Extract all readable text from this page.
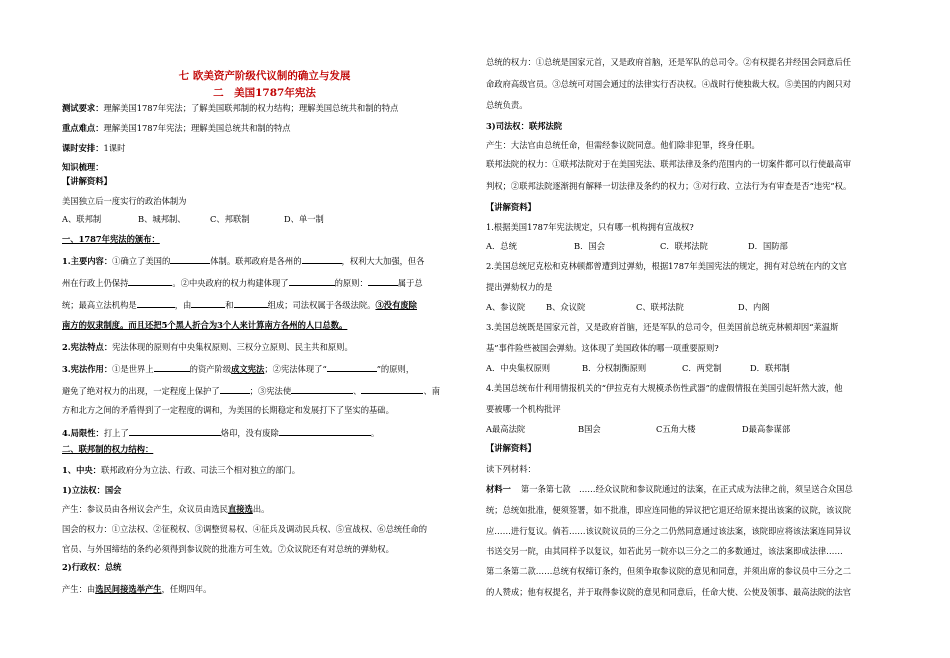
七 欧美资产阶级代议制的确立与发展
二　美国1787年宪法
测试要求：理解美国1787年宪法；了解美国联邦制的权力结构；理解美国总统共和制的特点
重点难点：理解美国1787年宪法；理解美国总统共和制的特点
课时安排：1课时
知识梳理：
【讲解资料】
美国独立后一度实行的政治体制为
A、联邦制	B、城邦制、	C、邦联制	D、单一制
一、1787年宪法的颁布：
1.主要内容：①确立了美国的	体制。联邦政府是各州的	，权利大大加强，但各
州在行政上仍保持	。②中央政府的权力构建体现了	的原则：	属于总
统；最高立法机构是	，由	和	组成；司法权属于各级法院。③没有废除
南方的奴隶制度。而且还把5个黑人折合为3个人来计算南方各州的人口总数。
2.宪法特点：宪法体现的原则有中央集权原则、三权分立原则、民主共和原则。
3.宪法作用：①是世界上	的资产阶级成文宪法；②宪法体现了“	”的原则，
避免了绝对权力的出现，一定程度上保护了	；③宪法使	、	、南
方和北方之间的矛盾得到了一定程度的调和，为美国的长期稳定和发展打下了坚实的基础。
4.局限性：打上了	烙印，没有废除	。
二、联邦制的权力结构：
1、中央：联邦政府分为立法、行政、司法三个相对独立的部门。
1)立法权：国会
产生：参议员由各州议会产生，众议员由选民直接选出。
国会的权力：①立法权、②征税权、③调整贸易权、④征兵及调动民兵权、⑤宣战权、⑥总统任命的
官员、与外国缔结的条约必须得到参议院的批准方可生效。⑦众议院还有对总统的弹劾权。
2)行政权：总统
产生：由选民间接选举产生，任期四年。
总统的权力：①总统是国家元首，又是政府首脑，还是军队的总司令。②有权提名并经国会同意后任
命政府高级官员。③总统可对国会通过的法律实行否决权。④战时行使独裁大权。⑤美国的内阁只对
总统负责。
3)司法权：联邦法院
产生：大法官由总统任命，但需经参议院同意。他们除非犯罪，终身任职。
联邦法院的权力：①联邦法院对于在美国宪法、联邦法律及条约范围内的一切案件都可以行使最高审
判权；②联邦法院逐渐拥有解释一切法律及条约的权力；③对行政、立法行为有审查是否“违宪”权。
【讲解资料】
1.根据美国1787年宪法规定，只有哪一机构拥有宣战权?
A．总统	B．国会	C．联邦法院	D．国防部
2.美国总统尼克松和克林顿都曾遭到过弹劾，根据1787年美国宪法的规定，拥有对总统在内的文官
提出弹劾权力的是
A、参议院	B、众议院	C、联邦法院	D、内阁
3.美国总统既是国家元首，又是政府首脑，还是军队的总司令，但美国前总统克林顿却因“莱温斯
基”事件险些被国会弹劾。这体现了美国政体的哪一项重要原则?
A．中央集权原则	B．分权制衡原则	C．两党制	D．联邦制
4.美国总统布什利用情报机关的“伊拉克有大规模杀伤性武器”的虚假情报在美国引起轩然大波，他
要被哪一个机构批评
A最高法院	B国会	C五角大楼	D最高参谋部
【讲解资料】
读下列材料：
材料一 第一条第七款　……经众议院和参议院通过的法案，在正式成为法律之前，须呈送合众国总
统；总统如批准，便须签署，如不批准，即应连同他的异议把它退还给原来提出该案的议院，该议院
应……进行复议。倘若……该议院议员的三分之二仍然同意通过该法案，该院即应将该法案连同异议
书送交另一院，由其同样予以复议，如若此另一院亦以三分之二的多数通过，该法案即成法律……
第二条第二款……总统有权缔订条约，但须争取参议院的意见和同意，并须出席的参议员中三分之二
的人赞成；他有权提名，并于取得参议院的意见和同意后，任命大使、公使及领事、最高法院的法官
